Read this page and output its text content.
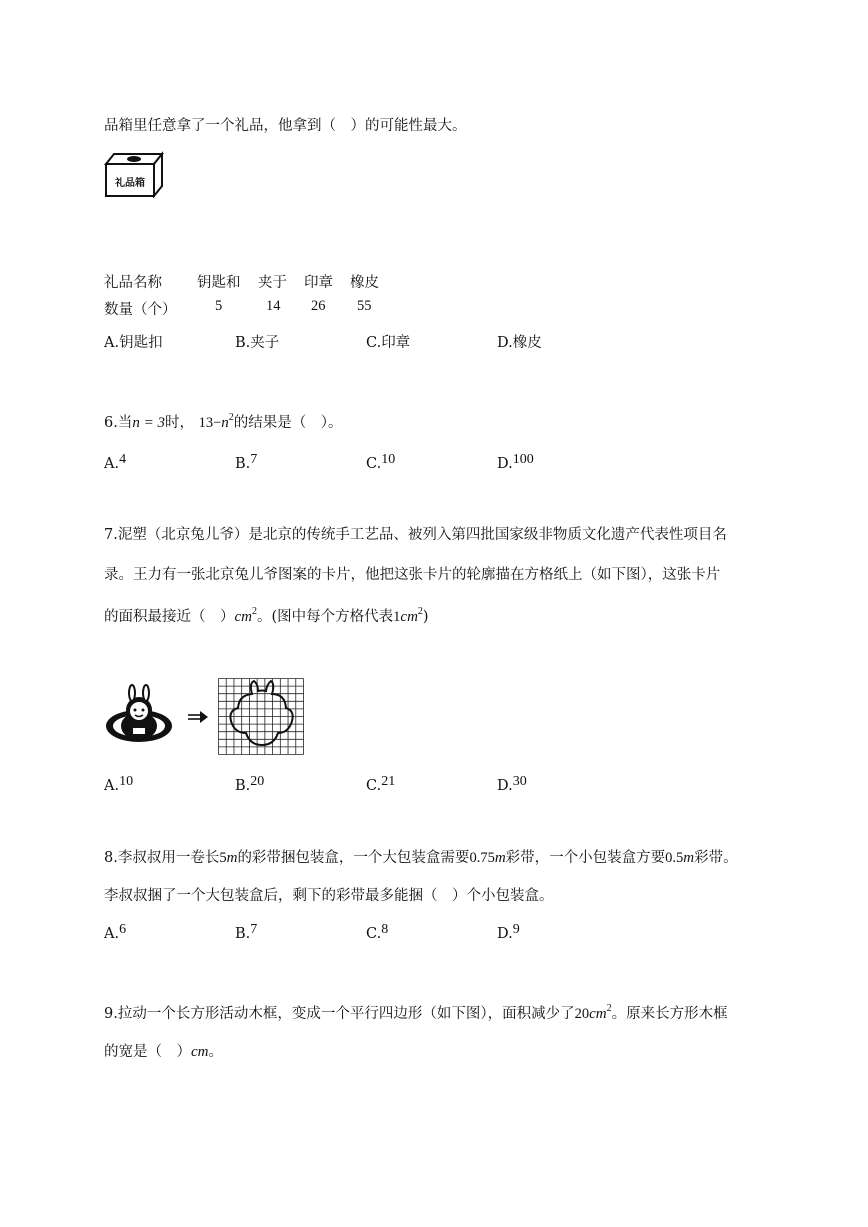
品箱里任意拿了一个礼品，他拿到（　）的可能性最大。
礼品箱
礼品名称 钥匙和 夹于 印章 橡皮
数量（个）	5	14 26 55
A.钥匙扣	B.夹子	C.印章	D.橡皮
6.当n = 3时， $13-n^2$的结果是（　）。
A.4	B.7	C.10	D.100
7.泥塑（北京兔儿爷）是北京的传统手工艺品、被列入第四批国家级非物质文化遗产代表性项目名
录。王力有一张北京兔儿爷图案的卡片，他把这张卡片的轮廓描在方格纸上（如下图），这张卡片
的面积最接近（　）$cm^2$。(图中每个方格代表$1cm^2$)
A.10	B.20	C.21	D.30
8.李叔叔用一卷长5m的彩带捆包装盒，一个大包装盒需要0.75m彩带，一个小包装盒方要0.5m彩带。
李叔叔捆了一个大包装盒后，剩下的彩带最多能捆（　）个小包装盒。
A.6	B.7	C.8	D.9
9.拉动一个长方形活动木框，变成一个平行四边形（如下图），面积减少了$20cm^2$。原来长方形木框
的宽是（　）cm。
